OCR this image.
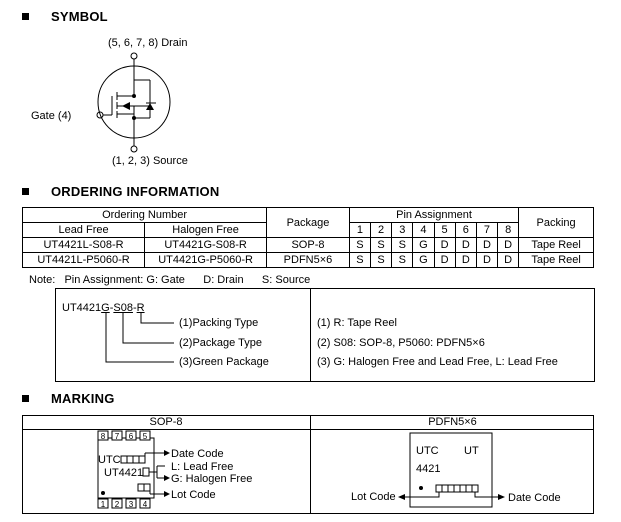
SYMBOL
(5, 6, 7, 8) Drain
Gate (4)
(1, 2, 3) Source
ORDERING INFORMATION
Ordering Number		Package	Pin Assignment								Packing
Lead Free	Halogen Free		1	2	3	4	5	6	7	8	
UT4421L-S08-R	UT4421G-S08-R	SOP-8	S	S	S	G	D	D	D	D	Tape Reel
UT4421L-P5060-R	UT4421G-P5060-R	PDFN5×6	S	S	S	G	D	D	D	D	Tape Reel
Note:   Pin Assignment: G: Gate      D: Drain      S: Source
UT4421G-S08-R
(1)Packing Type
(2)Package Type
(3)Green Package
(1) R: Tape Reel
(2) S08: SOP-8, P5060: PDFN5×6
(3) G: Halogen Free and Lead Free, L: Lead Free
MARKING
SOP-8	PDFN5×6
8 7 6 5
1 2 3 4
UTC
UT4421
Date Code
L: Lead Free
G: Halogen Free
Lot Code
UTC UT
4421
Lot Code	Date Code
